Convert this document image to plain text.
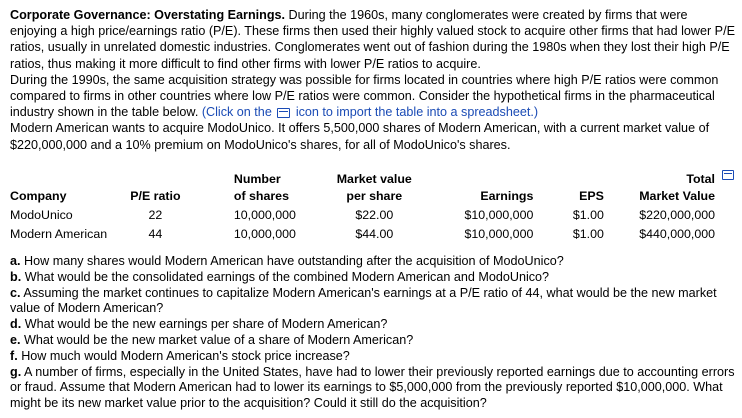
Corporate Governance: Overstating Earnings. During the 1960s, many conglomerates were created by firms that were enjoying a high price/earnings ratio (P/E). These firms then used their highly valued stock to acquire other firms that had lower P/E ratios, usually in unrelated domestic industries. Conglomerates went out of fashion during the 1980s when they lost their high P/E ratios, thus making it more difficult to find other firms with lower P/E ratios to acquire.

During the 1990s, the same acquisition strategy was possible for firms located in countries where high P/E ratios were common compared to firms in other countries where low P/E ratios were common. Consider the hypothetical firms in the pharmaceutical industry shown in the table below. (Click on the icon to import the table into a spreadsheet.)

Modern American wants to acquire ModoUnico. It offers 5,500,000 shares of Modern American, with a current market value of $220,000,000 and a 10% premium on ModoUnico's shares, for all of ModoUnico's shares.

		Number	Market value			Total
Company	P/E ratio	of shares	per share	Earnings	EPS	Market Value
ModoUnico	22	10,000,000	$22.00	$10,000,000	$1.00	$220,000,000
Modern American	44	10,000,000	$44.00	$10,000,000	$1.00	$440,000,000

a. How many shares would Modern American have outstanding after the acquisition of ModoUnico?

b. What would be the consolidated earnings of the combined Modern American and ModoUnico?

c. Assuming the market continues to capitalize Modern American's earnings at a P/E ratio of 44, what would be the new market value of Modern American?

d. What would be the new earnings per share of Modern American?

e. What would be the new market value of a share of Modern American?

f. How much would Modern American's stock price increase?

g. A number of firms, especially in the United States, have had to lower their previously reported earnings due to accounting errors or fraud. Assume that Modern American had to lower its earnings to $5,000,000 from the previously reported $10,000,000. What might be its new market value prior to the acquisition? Could it still do the acquisition?
